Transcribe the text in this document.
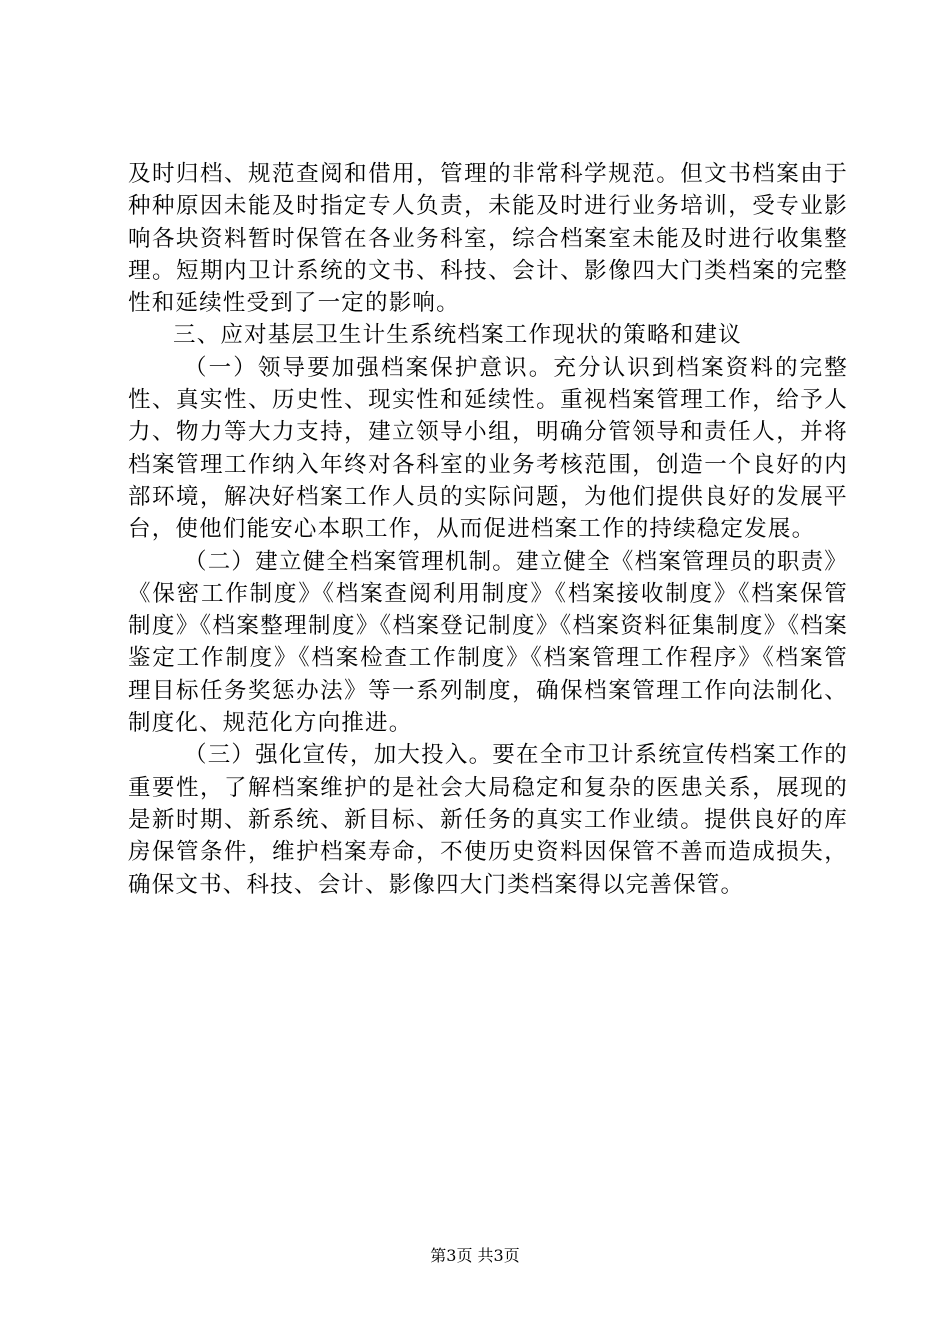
及时归档、规范查阅和借用，管理的非常科学规范。但文书档案由于种种原因未能及时指定专人负责，未能及时进行业务培训，受专业影响各块资料暂时保管在各业务科室，综合档案室未能及时进行收集整理。短期内卫计系统的文书、科技、会计、影像四大门类档案的完整性和延续性受到了一定的影响。

三、应对基层卫生计生系统档案工作现状的策略和建议

（一）领导要加强档案保护意识。充分认识到档案资料的完整性、真实性、历史性、现实性和延续性。重视档案管理工作，给予人力、物力等大力支持，建立领导小组，明确分管领导和责任人，并将档案管理工作纳入年终对各科室的业务考核范围，创造一个良好的内部环境，解决好档案工作人员的实际问题，为他们提供良好的发展平台，使他们能安心本职工作，从而促进档案工作的持续稳定发展。

（二）建立健全档案管理机制。建立健全《档案管理员的职责》《保密工作制度》《档案查阅利用制度》《档案接收制度》《档案保管制度》《档案整理制度》《档案登记制度》《档案资料征集制度》《档案鉴定工作制度》《档案检查工作制度》《档案管理工作程序》《档案管理目标任务奖惩办法》等一系列制度，确保档案管理工作向法制化、制度化、规范化方向推进。

（三）强化宣传，加大投入。要在全市卫计系统宣传档案工作的重要性，了解档案维护的是社会大局稳定和复杂的医患关系，展现的是新时期、新系统、新目标、新任务的真实工作业绩。提供良好的库房保管条件，维护档案寿命，不使历史资料因保管不善而造成损失，确保文书、科技、会计、影像四大门类档案得以完善保管。

第3页 共3页
